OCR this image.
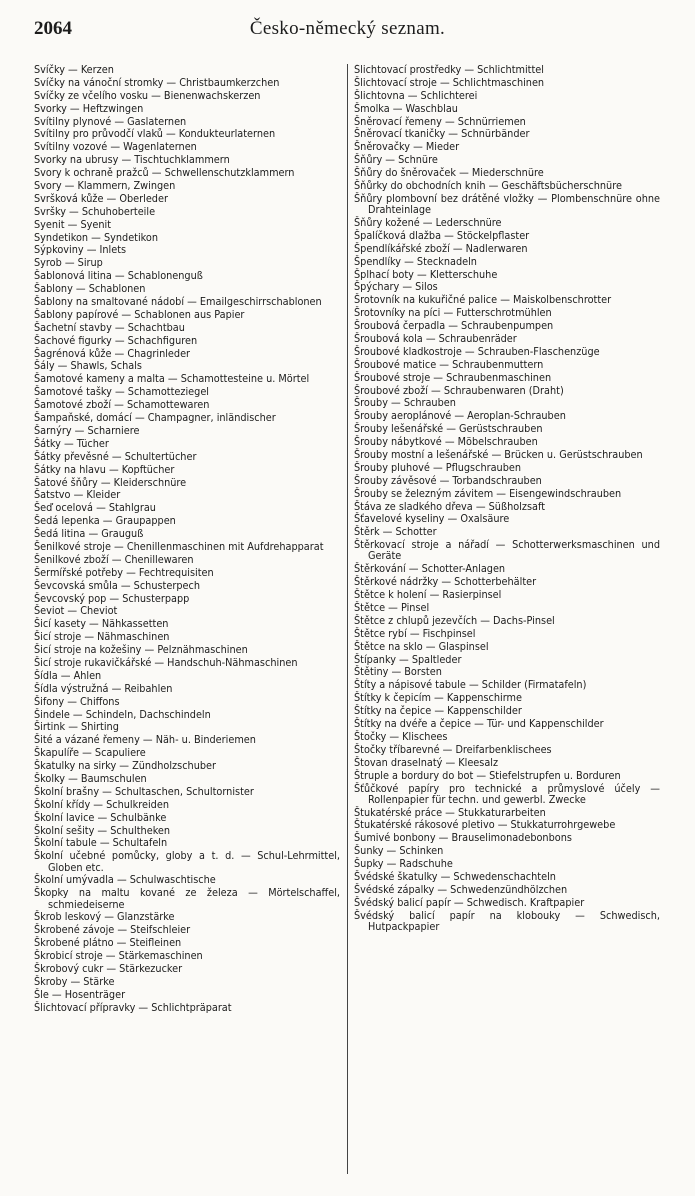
2064	Česko-německý seznam.

Svíčky — Kerzen

Svíčky na vánoční stromky — Christbaumkerzchen

Svíčky ze včelího vosku — Bienenwachskerzen

Svorky — Heftzwingen

Svítilny plynové — Gaslaternen

Svítilny pro průvodčí vlaků — Kondukteurlaternen

Svítilny vozové — Wagenlaternen

Svorky na ubrusy — Tischtuchklammern

Svory k ochraně pražců — Schwellenschutzklammern

Svory — Klammern, Zwingen

Svršková kůže — Oberleder

Svršky — Schuhoberteile

Syenit — Syenit

Syndetikon — Syndetikon

Sýpkoviny — Inlets

Syrob — Sirup

Šablonová litina — Schablonenguß

Šablony — Schablonen

Šablony na smaltované nádobí — Emailgeschirrschablonen

Šablony papírové — Schablonen aus Papier

Šachetní stavby — Schachtbau

Šachové figurky — Schachfiguren

Šagrénová kůže — Chagrinleder

Šály — Shawls, Schals

Šamotové kameny a malta — Schamottesteine u. Mörtel

Šamotové tašky — Schamotteziegel

Šamotové zboží — Schamottewaren

Šampaňské, domácí — Champagner, inländischer

Šarnýry — Scharniere

Šátky — Tücher

Šátky převěsné — Schultertücher

Šátky na hlavu — Kopftücher

Šatové šňůry — Kleiderschnüre

Šatstvo — Kleider

Šeď ocelová — Stahlgrau

Šedá lepenka — Graupappen

Šedá litina — Grauguß

Šenilkové stroje — Chenillenmaschinen mit Aufdrehapparat

Šenilkové zboží — Chenillewaren

Šermířské potřeby — Fechtrequisiten

Ševcovská smůla — Schusterpech

Ševcovský pop — Schusterpapp

Ševiot — Cheviot

Šicí kasety — Nähkassetten

Šicí stroje — Nähmaschinen

Šicí stroje na kožešiny — Pelznähmaschinen

Šicí stroje rukavičkářské — Handschuh-Nähmaschinen

Šídla — Ahlen

Šídla výstružná — Reibahlen

Šifony — Chiffons

Šindele — Schindeln, Dachschindeln

Širtink — Shirting

Šité a vázané řemeny — Näh- u. Binderiemen

Škapulíře — Scapuliere

Škatulky na sirky — Zündholzschuber

Školky — Baumschulen

Školní brašny — Schultaschen, Schultornister

Školní křídy — Schulkreiden

Školní lavice — Schulbänke

Školní sešity — Schultheken

Školní tabule — Schultafeln

Školní učebné pomůcky, globy a t. d. — Schul-Lehrmittel, Globen etc.

Školní umývadla — Schulwaschtische

Škopky na maltu kované ze železa — Mörtelschaffel, schmiedeiserne

Škrob leskový — Glanzstärke

Škrobené závoje — Steifschleier

Škrobené plátno — Steifleinen

Škrobicí stroje — Stärkemaschinen

Škrobový cukr — Stärkezucker

Škroby — Stärke

Šle — Hosenträger

Šlichtovací přípravky — Schlichtpräparat

Šlichtovací prostředky — Schlichtmittel

Šlichtovací stroje — Schlichtmaschinen

Šlichtovna — Schlichterei

Šmolka — Waschblau

Šněrovací řemeny — Schnürriemen

Šněrovací tkaničky — Schnürbänder

Šněrovačky — Mieder

Šňůry — Schnüre

Šňůry do šněrovaček — Miederschnüre

Šňůrky do obchodních knih — Geschäftsbücherschnüre

Šňůry plombovní bez drátěné vložky — Plombenschnüre ohne Drahteinlage

Šňůry kožené — Lederschnüre

Špalíčková dlažba — Stöckelpflaster

Špendlíkářské zboží — Nadlerwaren

Špendlíky — Stecknadeln

Šplhací boty — Kletterschuhe

Špýchary — Silos

Šrotovník na kukuřičné palice — Maiskolbenschrotter

Šrotovníky na píci — Futterschrotmühlen

Šroubová čerpadla — Schraubenpumpen

Šroubová kola — Schraubenräder

Šroubové kladkostroje — Schrauben-Flaschenzüge

Šroubové matice — Schraubenmuttern

Šroubové stroje — Schraubenmaschinen

Šroubové zboží — Schraubenwaren (Draht)

Šrouby — Schrauben

Šrouby aeroplánové — Aeroplan-Schrauben

Šrouby lešenářské — Gerüstschrauben

Šrouby nábytkové — Möbelschrauben

Šrouby mostní a lešenářské — Brücken u. Gerüstschrauben

Šrouby pluhové — Pflugschrauben

Šrouby závěsové — Torbandschrauben

Šrouby se železným závitem — Eisengewindschrauben

Štáva ze sladkého dřeva — Süßholzsaft

Šťavelové kyseliny — Oxalsäure

Štěrk — Schotter

Štěrkovací stroje a nářadí — Schotterwerksmaschinen und Geräte

Štěrkování — Schotter-Anlagen

Štěrkové nádržky — Schotterbehälter

Štětce k holení — Rasierpinsel

Štětce — Pinsel

Štětce z chlupů jezevčích — Dachs-Pinsel

Štětce rybí — Fischpinsel

Štětce na sklo — Glaspinsel

Štípanky — Spaltleder

Štětiny — Borsten

Štíty a nápisové tabule — Schilder (Firmatafeln)

Štítky k čepicím — Kappenschirme

Štítky na čepice — Kappenschilder

Štítky na dvéře a čepice — Tür- und Kappenschilder

Štočky — Klischees

Štočky tříbarevné — Dreifarbenklischees

Štovan draselnatý — Kleesalz

Štruple a bordury do bot — Stiefelstrupfen u. Borduren

Šťůčkové papíry pro technické a průmyslové účely — Rollenpapier für techn. und gewerbl. Zwecke

Štukatérské práce — Stukkaturarbeiten

Štukatérské rákosové pletivo — Stukkaturrohrgewebe

Šumivé bonbony — Brauselimonadebonbons

Šunky — Schinken

Šupky — Radschuhe

Švédské škatulky — Schwedenschachteln

Švédské zápalky — Schwedenzündhölzchen

Švédský balicí papír — Schwedisch. Kraftpapier

Švédský balicí papír na klobouky — Schwedisch, Hutpackpapier
